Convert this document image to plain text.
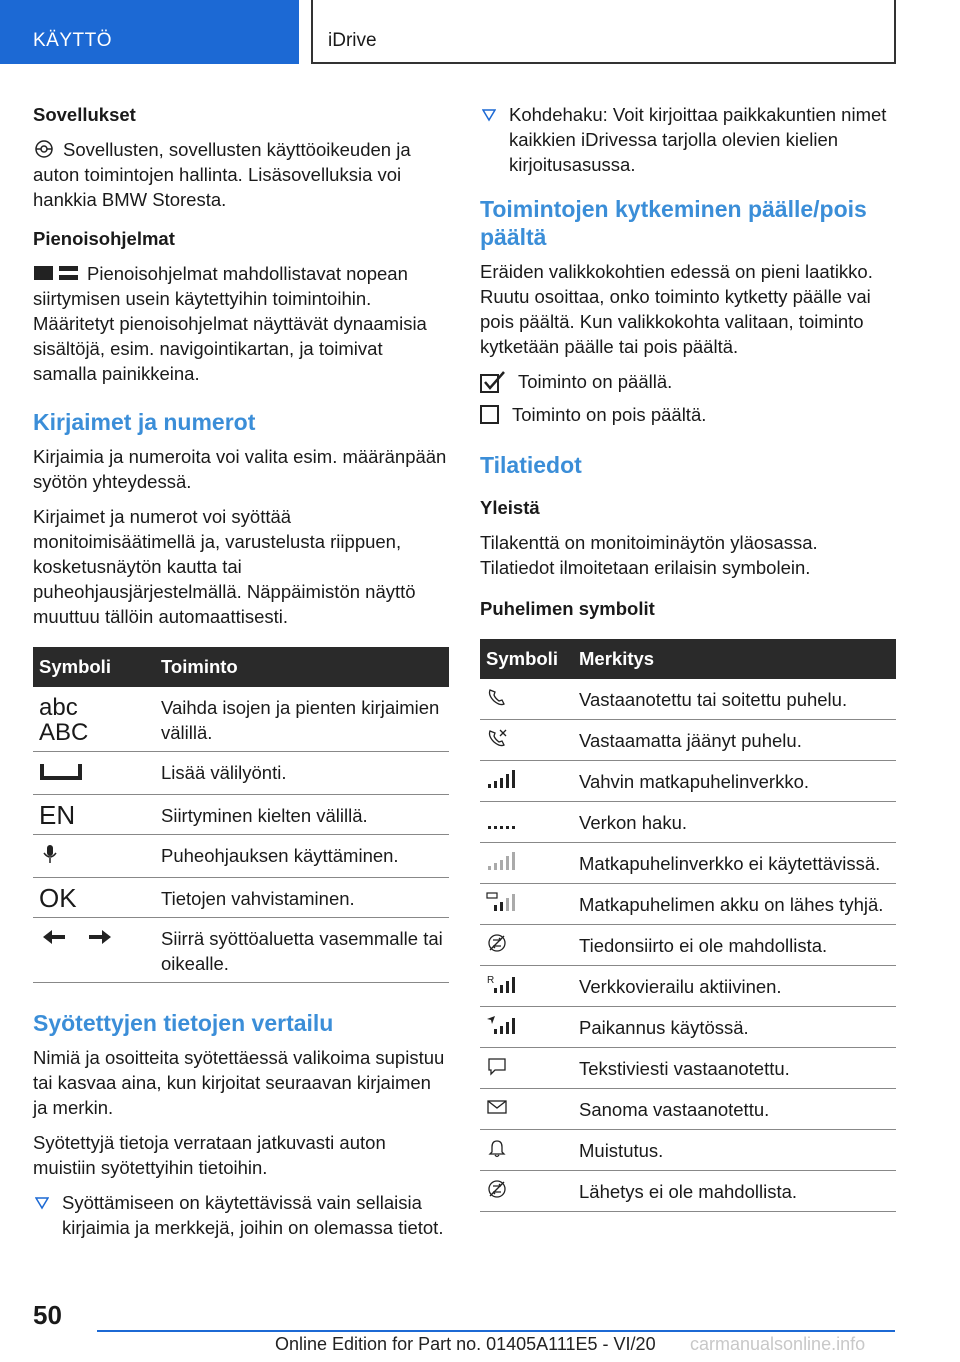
KÄYTTÖ	iDrive
Sovellukset
Sovellusten, sovellusten käyttöoikeuden ja auton toimintojen hallinta. Lisäsovelluksia voi hankkia BMW Storesta.
Pienoisohjelmat
Pienoisohjelmat mahdollistavat nopean siirtymisen usein käytettyihin toimintoihin. Määritetyt pienoisohjelmat näyttävät dynaamisia sisältöjä, esim. navigointikartan, ja toimivat samalla painikkeina.
Kirjaimet ja numerot
Kirjaimia ja numeroita voi valita esim. määränpään syötön yhteydessä.
Kirjaimet ja numerot voi syöttää monitoimisäätimellä ja, varustelusta riippuen, kosketusnäytön kautta tai puheohjausjärjestelmällä. Näppäimistön näyttö muuttuu tällöin automaattisesti.
Symboli	Toiminto
abc
ABC	Vaihda isojen ja pienten kirjaimien välillä.
	Lisää välilyönti.
EN	Siirtyminen kielten välillä.
	Puheohjauksen käyttäminen.
OK	Tietojen vahvistaminen.
	Siirrä syöttöaluetta vasemmalle tai oikealle.
Syötettyjen tietojen vertailu
Nimiä ja osoitteita syötettäessä valikoima supistuu tai kasvaa aina, kun kirjoitat seuraavan kirjaimen ja merkin.
Syötettyjä tietoja verrataan jatkuvasti auton muistiin syötettyihin tietoihin.
Syöttämiseen on käytettävissä vain sellaisia kirjaimia ja merkkejä, joihin on olemassa tietot.
Kohdehaku: Voit kirjoittaa paikkakuntien nimet kaikkien iDrivessa tarjolla olevien kielien kirjoitusasussa.
Toimintojen kytkeminen päälle/pois päältä
Eräiden valikkokohtien edessä on pieni laatikko. Ruutu osoittaa, onko toiminto kytketty päälle vai pois päältä. Kun valikkokohta valitaan, toiminto kytketään päälle tai pois päältä.
Toiminto on päällä.
Toiminto on pois päältä.
Tilatiedot
Yleistä
Tilakenttä on monitoiminäytön yläosassa. Tilatiedot ilmoitetaan erilaisin symbolein.
Puhelimen symbolit
Symboli	Merkitys
	Vastaanotettu tai soitettu puhelu.
	Vastaamatta jäänyt puhelu.
	Vahvin matkapuhelinverkko.
	Verkon haku.
	Matkapuhelinverkko ei käytettävissä.
	Matkapuhelimen akku on lähes tyhjä.
	Tiedonsiirto ei ole mahdollista.

R	Verkkovierailu aktiivinen.
	Paikannus käytössä.
	Tekstiviesti vastaanotettu.
	Sanoma vastaanotettu.
	Muistutus.
	Lähetys ei ole mahdollista.
50
Online Edition for Part no. 01405A111E5 - VI/20 carmanualsonline.info
